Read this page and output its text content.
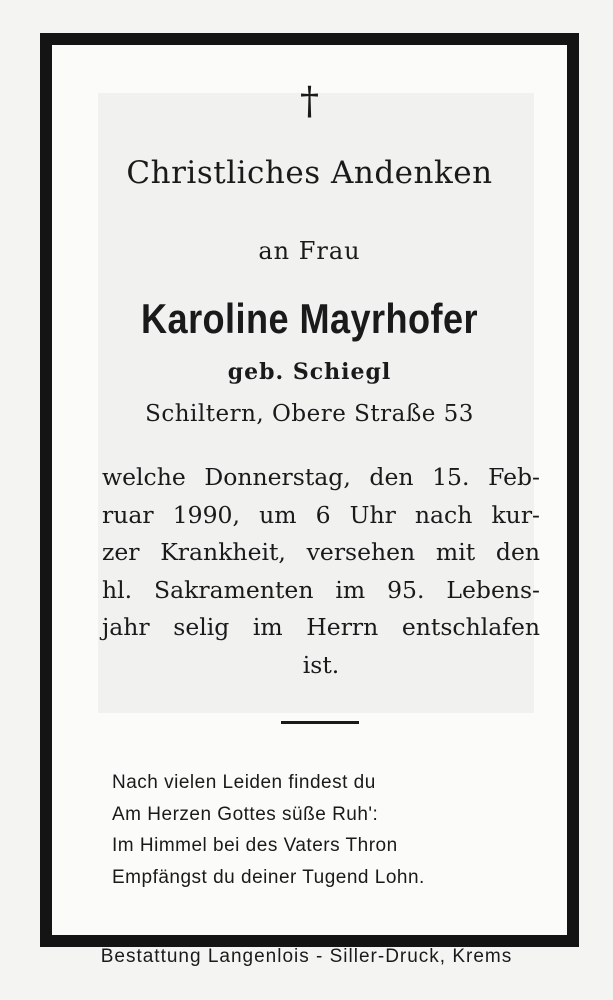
†
Christliches Andenken
an Frau
Karoline Mayrhofer
geb. Schiegl
Schiltern, Obere Straße 53
welche Donnerstag, den 15. Feb-
ruar 1990, um 6 Uhr nach kur-
zer Krankheit, versehen mit den
hl. Sakramenten im 95. Lebens-
jahr selig im Herrn entschlafen
ist.
Nach vielen Leiden findest du
Am Herzen Gottes süße Ruh':
Im Himmel bei des Vaters Thron
Empfängst du deiner Tugend Lohn.
Bestattung Langenlois - Siller-Druck, Krems
